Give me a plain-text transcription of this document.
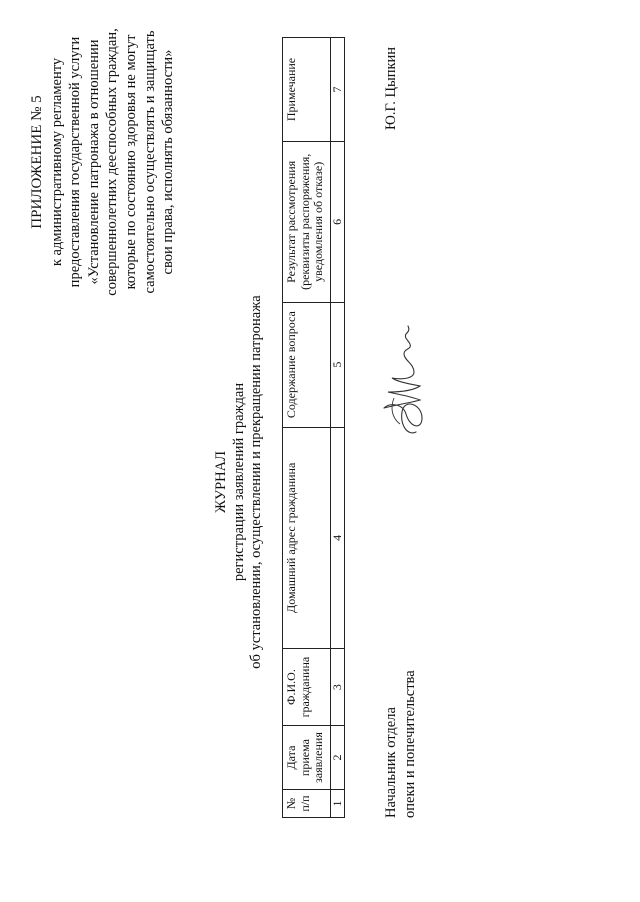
ПРИЛОЖЕНИЕ № 5 к административному регламенту предоставления государственной услуги «Установление патронажа в отношении совершеннолетних дееспособных граждан, которые по состоянию здоровья не могут самостоятельно осуществлять и защищать свои права, исполнять обязанности»
ЖУРНАЛ регистрации заявлений граждан об установлении, осуществлении и прекращении патронажа
№ п/п	Дата приема заявления	Ф.И.О. гражданина	Домашний адрес гражданина	Содержание вопроса	Результат рассмотрения (реквизиты распоряжения, уведомления об отказе)	Примечание
1	2	3	4	5	6	7
Начальник отдела опеки и попечительства
Ю.Г. Цыпкин
